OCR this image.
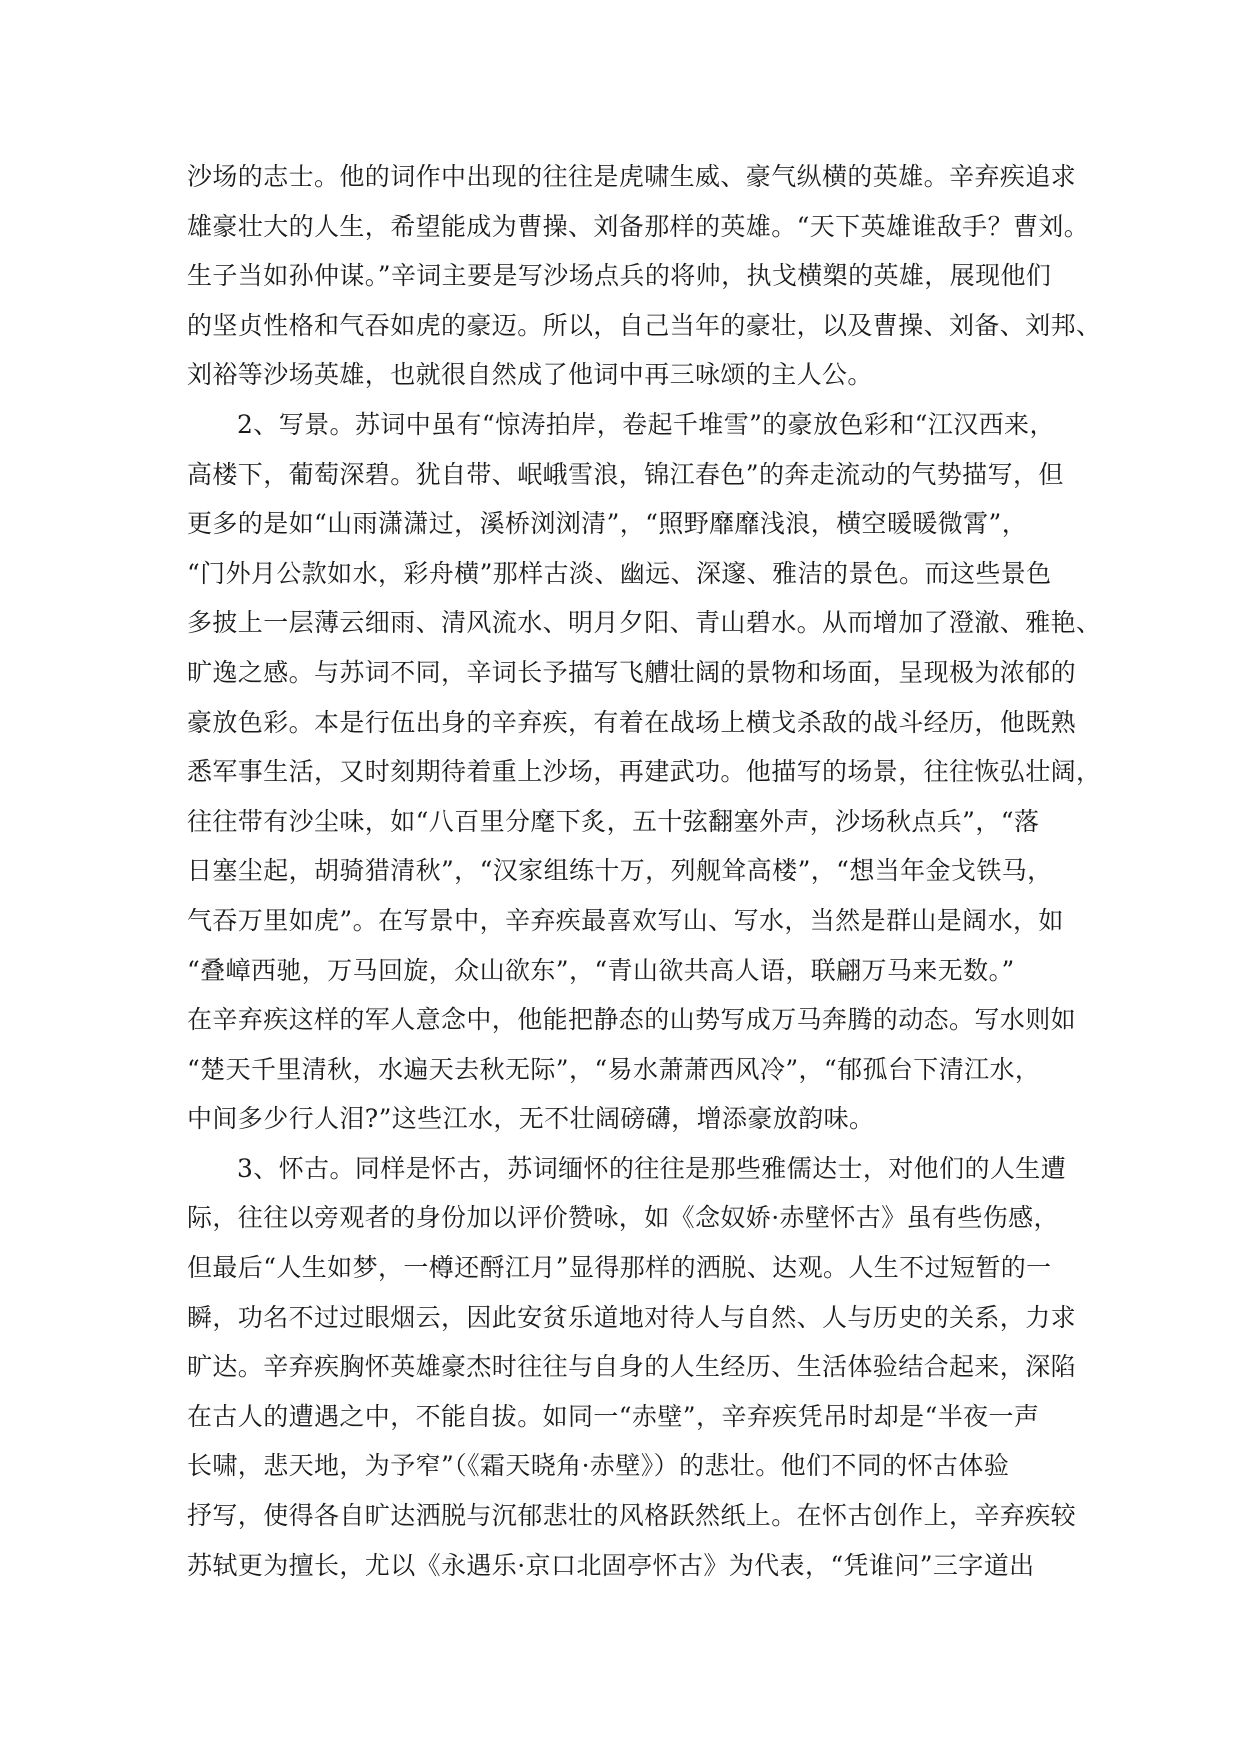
沙场的志士。他的词作中出现的往往是虎啸生威、豪气纵横的英雄。辛弃疾追求
雄豪壮大的人生，希望能成为曹操、刘备那样的英雄。“天下英雄谁敌手？曹刘。
生子当如孙仲谋。”辛词主要是写沙场点兵的将帅，执戈横槊的英雄，展现他们
的坚贞性格和气吞如虎的豪迈。所以，自己当年的豪壮，以及曹操、刘备、刘邦、
刘裕等沙场英雄，也就很自然成了他词中再三咏颂的主人公。
2、写景。苏词中虽有“惊涛拍岸，卷起千堆雪”的豪放色彩和“江汉西来，
高楼下，葡萄深碧。犹自带、岷峨雪浪，锦江春色”的奔走流动的气势描写，但
更多的是如“山雨潇潇过，溪桥浏浏清”，“照野靡靡浅浪，横空暖暖微霄”，
“门外月公款如水，彩舟横”那样古淡、幽远、深邃、雅洁的景色。而这些景色
多披上一层薄云细雨、清风流水、明月夕阳、青山碧水。从而增加了澄澈、雅艳、
旷逸之感。与苏词不同，辛词长予描写飞艚壮阔的景物和场面，呈现极为浓郁的
豪放色彩。本是行伍出身的辛弃疾，有着在战场上横戈杀敌的战斗经历，他既熟
悉军事生活，又时刻期待着重上沙场，再建武功。他描写的场景，往往恢弘壮阔，
往往带有沙尘味，如“八百里分麾下炙，五十弦翻塞外声，沙场秋点兵”，“落
日塞尘起，胡骑猎清秋”，“汉家组练十万，列舰耸高楼”，“想当年金戈铁马，
气吞万里如虎”。在写景中，辛弃疾最喜欢写山、写水，当然是群山是阔水，如
“叠嶂西驰，万马回旋，众山欲东”，“青山欲共高人语，联翩万马来无数。”
在辛弃疾这样的军人意念中，他能把静态的山势写成万马奔腾的动态。写水则如
“楚天千里清秋，水遍天去秋无际”，“易水萧萧西风冷”，“郁孤台下清江水，
中间多少行人泪?”这些江水，无不壮阔磅礴，增添豪放韵味。
3、怀古。同样是怀古，苏词缅怀的往往是那些雅儒达士，对他们的人生遭
际，往往以旁观者的身份加以评价赞咏，如《念奴娇·赤壁怀古》虽有些伤感，
但最后“人生如梦，一樽还酹江月”显得那样的洒脱、达观。人生不过短暂的一
瞬，功名不过过眼烟云，因此安贫乐道地对待人与自然、人与历史的关系，力求
旷达。辛弃疾胸怀英雄豪杰时往往与自身的人生经历、生活体验结合起来，深陷
在古人的遭遇之中，不能自拔。如同一“赤壁”，辛弃疾凭吊时却是“半夜一声
长啸，悲天地，为予窄”（《霜天晓角·赤壁》）的悲壮。他们不同的怀古体验
抒写，使得各自旷达洒脱与沉郁悲壮的风格跃然纸上。在怀古创作上，辛弃疾较
苏轼更为擅长，尤以《永遇乐·京口北固亭怀古》为代表，“凭谁问”三字道出
